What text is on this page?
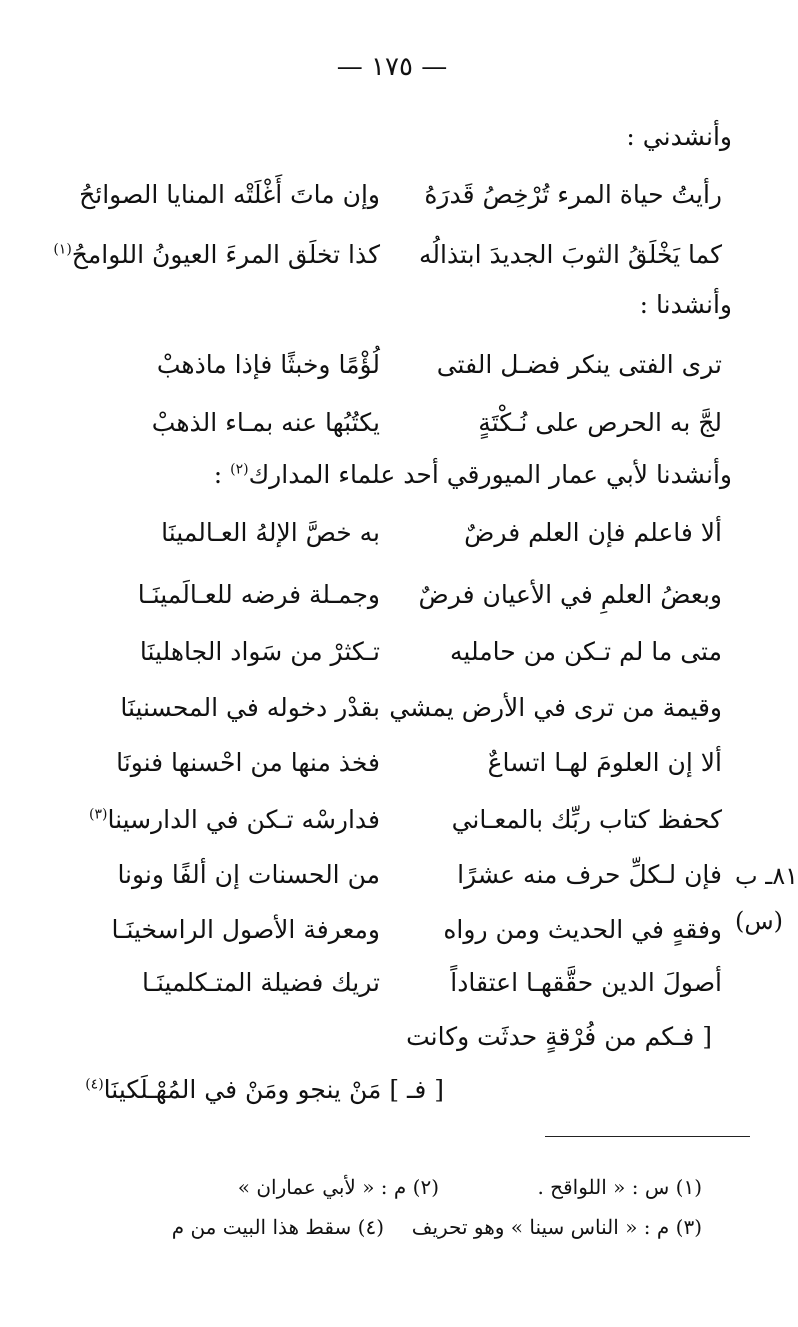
— ١٧٥ —
وأنشدني :
رأيتُ حياة المرء تُرْخِصُ قَدرَهُ
وإن ماتَ أَغْلَتْه المنايا الصوائحُ
كما يَخْلَقُ الثوبَ الجديدَ ابتذالُه
كذا تخلَق المرءَ العيونُ اللوامحُ$^{(١)}$
وأنشدنا :
ترى الفتى ينكر فضـل الفتى
لُؤْمًا وخبثًا فإذا ماذهبْ
لجَّ به الحرص على نُـكْتَةٍ
يكتُبُها عنه بمـاء الذهبْ
وأنشدنا لأبي عمار الميورقي أحد علماء المدارك$^{(٢)}$ :
ألا فاعلم فإن العلم فرضٌ
به خصَّ الإلهُ العـالمينَا
وبعضُ العلمِ في الأعيان فرضٌ
وجمـلة فرضه للعـالَمينَـا
متى ما لم تـكن من حامليه
تـكثرْ من سَواد الجاهلينَا
وقيمة من ترى في الأرض يمشي
بقدْر دخوله في المحسنينَا
ألا إن العلومَ لهـا اتساعٌ
فخذ منها من احْسنها فنونَا
كحفظ كتاب ربِّك بالمعـاني
فدارسْه تـكن في الدارسينا$^{(٣)}$
فإن لـكلِّ حرف منه عشرًا
من الحسنات إن ألفًا ونونا
وفقهٍ في الحديث ومن رواه
ومعرفة الأصول الراسخينَـا
أصولَ الدين حقَّقهـا اعتقاداً
تريك فضيلة المتـكلمينَـا
[ فـكم من فُرْقةٍ حدثَت وكانت
[ فـ ] مَنْ ينجو ومَنْ في المُهْـلَكينَا$^{(٤)}$
٨١ـ ب
(س)
(١) س : « اللواقح .
(٢) م : « لأبي عماران »
(٣) م : « الناس سينا » وهو تحريف
(٤) سقط هذا البيت من م
